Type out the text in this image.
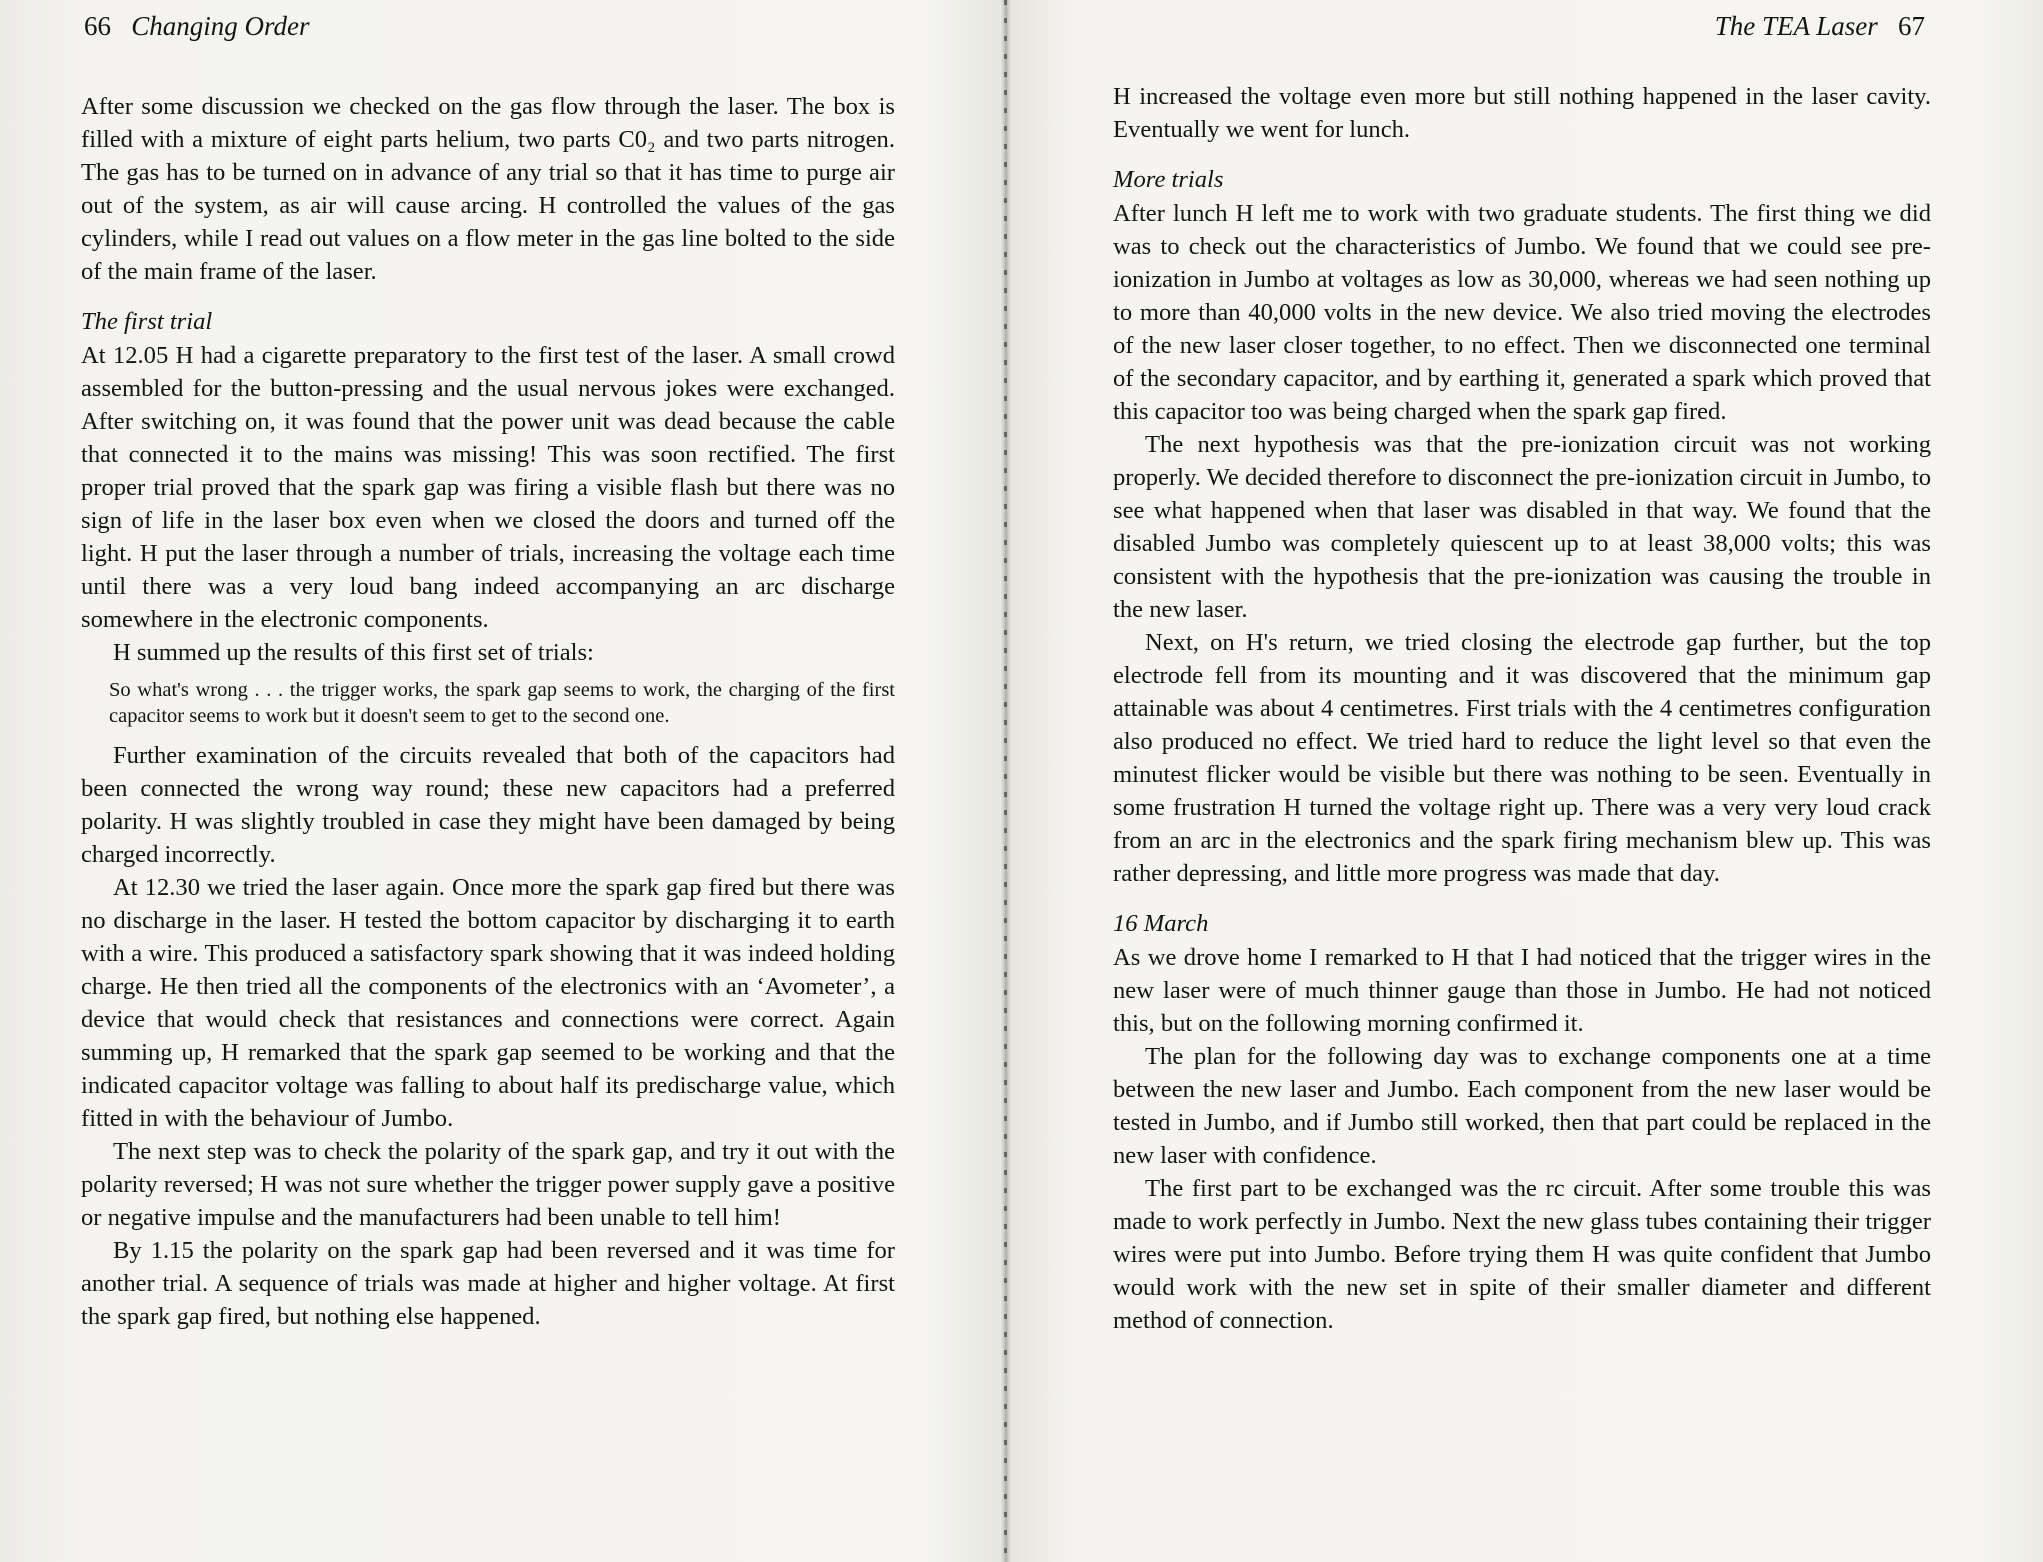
66 Changing Order

After some discussion we checked on the gas flow through the laser. The box is filled with a mixture of eight parts helium, two parts C0₂ and two parts nitrogen. The gas has to be turned on in advance of any trial so that it has time to purge air out of the system, as air will cause arcing. H controlled the values of the gas cylinders, while I read out values on a flow meter in the gas line bolted to the side of the main frame of the laser.

The first trial

At 12.05 H had a cigarette preparatory to the first test of the laser. A small crowd assembled for the button-pressing and the usual nervous jokes were exchanged. After switching on, it was found that the power unit was dead because the cable that connected it to the mains was missing! This was soon rectified. The first proper trial proved that the spark gap was firing a visible flash but there was no sign of life in the laser box even when we closed the doors and turned off the light. H put the laser through a number of trials, increasing the voltage each time until there was a very loud bang indeed accompanying an arc discharge somewhere in the electronic components.

H summed up the results of this first set of trials:

So what's wrong . . . the trigger works, the spark gap seems to work, the charging of the first capacitor seems to work but it doesn't seem to get to the second one.

Further examination of the circuits revealed that both of the capacitors had been connected the wrong way round; these new capacitors had a preferred polarity. H was slightly troubled in case they might have been damaged by being charged incorrectly.

At 12.30 we tried the laser again. Once more the spark gap fired but there was no discharge in the laser. H tested the bottom capacitor by discharging it to earth with a wire. This produced a satisfactory spark showing that it was indeed holding charge. He then tried all the components of the electronics with an ‘Avometer’, a device that would check that resistances and connections were correct. Again summing up, H remarked that the spark gap seemed to be working and that the indicated capacitor voltage was falling to about half its predischarge value, which fitted in with the behaviour of Jumbo.

The next step was to check the polarity of the spark gap, and try it out with the polarity reversed; H was not sure whether the trigger power supply gave a positive or negative impulse and the manufacturers had been unable to tell him!

By 1.15 the polarity on the spark gap had been reversed and it was time for another trial. A sequence of trials was made at higher and higher voltage. At first the spark gap fired, but nothing else happened.

The TEA Laser 67

H increased the voltage even more but still nothing happened in the laser cavity. Eventually we went for lunch.

More trials

After lunch H left me to work with two graduate students. The first thing we did was to check out the characteristics of Jumbo. We found that we could see pre-ionization in Jumbo at voltages as low as 30,000, whereas we had seen nothing up to more than 40,000 volts in the new device. We also tried moving the electrodes of the new laser closer together, to no effect. Then we disconnected one terminal of the secondary capacitor, and by earthing it, generated a spark which proved that this capacitor too was being charged when the spark gap fired.

The next hypothesis was that the pre-ionization circuit was not working properly. We decided therefore to disconnect the pre-ionization circuit in Jumbo, to see what happened when that laser was disabled in that way. We found that the disabled Jumbo was completely quiescent up to at least 38,000 volts; this was consistent with the hypothesis that the pre-ionization was causing the trouble in the new laser.

Next, on H's return, we tried closing the electrode gap further, but the top electrode fell from its mounting and it was discovered that the minimum gap attainable was about 4 centimetres. First trials with the 4 centimetres configuration also produced no effect. We tried hard to reduce the light level so that even the minutest flicker would be visible but there was nothing to be seen. Eventually in some frustration H turned the voltage right up. There was a very very loud crack from an arc in the electronics and the spark firing mechanism blew up. This was rather depressing, and little more progress was made that day.

16 March

As we drove home I remarked to H that I had noticed that the trigger wires in the new laser were of much thinner gauge than those in Jumbo. He had not noticed this, but on the following morning confirmed it.

The plan for the following day was to exchange components one at a time between the new laser and Jumbo. Each component from the new laser would be tested in Jumbo, and if Jumbo still worked, then that part could be replaced in the new laser with confidence.

The first part to be exchanged was the rc circuit. After some trouble this was made to work perfectly in Jumbo. Next the new glass tubes containing their trigger wires were put into Jumbo. Before trying them H was quite confident that Jumbo would work with the new set in spite of their smaller diameter and different method of connection.
